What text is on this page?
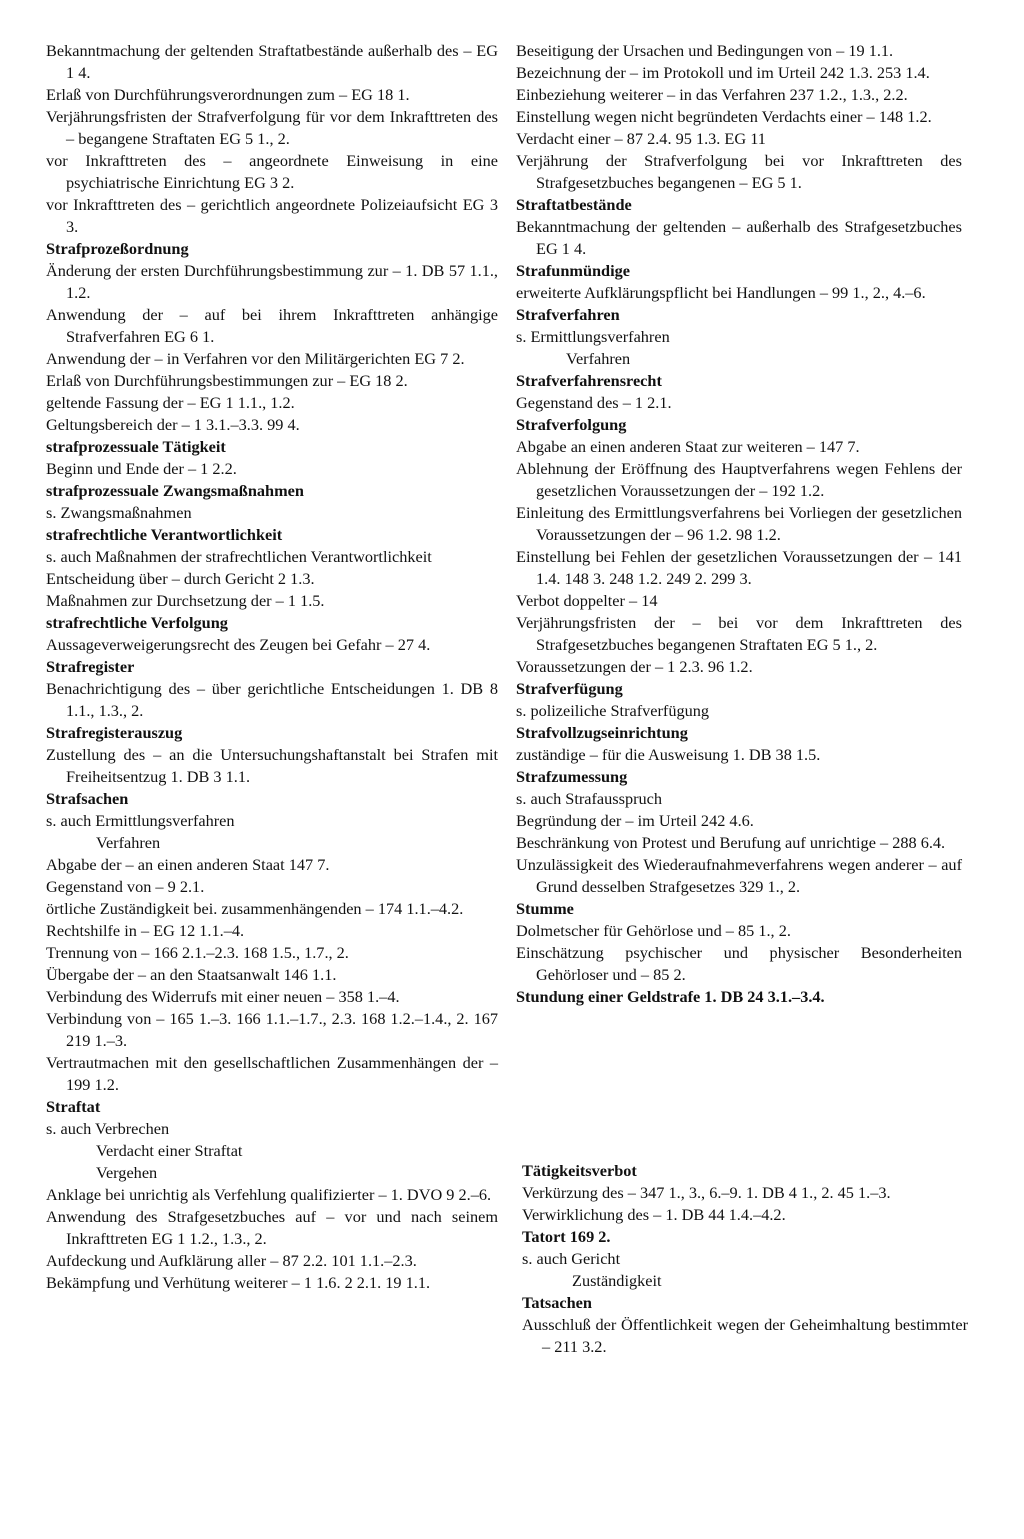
Bekanntmachung der geltenden Straftatbestände außerhalb des – EG 1 4.
Erlaß von Durchführungsverordnungen zum – EG 18 1.
Verjährungsfristen der Strafverfolgung für vor dem Inkrafttreten des – begangene Straftaten EG 5 1., 2.
vor Inkrafttreten des – angeordnete Einweisung in eine psychiatrische Einrichtung EG 3 2.
vor Inkrafttreten des – gerichtlich angeordnete Polizeiaufsicht EG 3 3.
Strafprozeßordnung
Änderung der ersten Durchführungsbestimmung zur – 1. DB 57 1.1., 1.2.
Anwendung der – auf bei ihrem Inkrafttreten anhängige Strafverfahren EG 6 1.
Anwendung der – in Verfahren vor den Militärgerichten EG 7 2.
Erlaß von Durchführungsbestimmungen zur – EG 18 2.
geltende Fassung der – EG 1 1.1., 1.2.
Geltungsbereich der – 1 3.1.–3.3. 99 4.
strafprozessuale Tätigkeit
Beginn und Ende der – 1 2.2.
strafprozessuale Zwangsmaßnahmen
s. Zwangsmaßnahmen
strafrechtliche Verantwortlichkeit
s. auch Maßnahmen der strafrechtlichen Verantwortlichkeit
Entscheidung über – durch Gericht 2 1.3.
Maßnahmen zur Durchsetzung der – 1 1.5.
strafrechtliche Verfolgung
Aussageverweigerungsrecht des Zeugen bei Gefahr – 27 4.
Strafregister
Benachrichtigung des – über gerichtliche Entscheidungen 1. DB 8 1.1., 1.3., 2.
Strafregisterauszug
Zustellung des – an die Untersuchungshaftanstalt bei Strafen mit Freiheitsentzug 1. DB 3 1.1.
Strafsachen
s. auch Ermittlungsverfahren
Verfahren
Abgabe der – an einen anderen Staat 147 7.
Gegenstand von – 9 2.1.
örtliche Zuständigkeit bei. zusammenhängenden – 174 1.1.–4.2.
Rechtshilfe in – EG 12 1.1.–4.
Trennung von – 166 2.1.–2.3. 168 1.5., 1.7., 2.
Übergabe der – an den Staatsanwalt 146 1.1.
Verbindung des Widerrufs mit einer neuen – 358 1.–4.
Verbindung von – 165 1.–3. 166 1.1.–1.7., 2.3. 168 1.2.–1.4., 2. 167 219 1.–3.
Vertrautmachen mit den gesellschaftlichen Zusammenhängen der – 199 1.2.
Straftat
s. auch Verbrechen
Verdacht einer Straftat
Vergehen
Anklage bei unrichtig als Verfehlung qualifizierter – 1. DVO 9 2.–6.
Anwendung des Strafgesetzbuches auf – vor und nach seinem Inkrafttreten EG 1 1.2., 1.3., 2.
Aufdeckung und Aufklärung aller – 87 2.2. 101 1.1.–2.3.
Bekämpfung und Verhütung weiterer – 1 1.6. 2 2.1. 19 1.1.
Beseitigung der Ursachen und Bedingungen von – 19 1.1.
Bezeichnung der – im Protokoll und im Urteil 242 1.3. 253 1.4.
Einbeziehung weiterer – in das Verfahren 237 1.2., 1.3., 2.2.
Einstellung wegen nicht begründeten Verdachts einer – 148 1.2.
Verdacht einer – 87 2.4. 95 1.3. EG 11
Verjährung der Strafverfolgung bei vor Inkrafttreten des Strafgesetzbuches begangenen – EG 5 1.
Straftatbestände
Bekanntmachung der geltenden – außerhalb des Strafgesetzbuches EG 1 4.
Strafunmündige
erweiterte Aufklärungspflicht bei Handlungen – 99 1., 2., 4.–6.
Strafverfahren
s. Ermittlungsverfahren
Verfahren
Strafverfahrensrecht
Gegenstand des – 1 2.1.
Strafverfolgung
Abgabe an einen anderen Staat zur weiteren – 147 7.
Ablehnung der Eröffnung des Hauptverfahrens wegen Fehlens der gesetzlichen Voraussetzungen der – 192 1.2.
Einleitung des Ermittlungsverfahrens bei Vorliegen der gesetzlichen Voraussetzungen der – 96 1.2. 98 1.2.
Einstellung bei Fehlen der gesetzlichen Voraussetzungen der – 141 1.4. 148 3. 248 1.2. 249 2. 299 3.
Verbot doppelter – 14
Verjährungsfristen der – bei vor dem Inkrafttreten des Strafgesetzbuches begangenen Straftaten EG 5 1., 2.
Voraussetzungen der – 1 2.3. 96 1.2.
Strafverfügung
s. polizeiliche Strafverfügung
Strafvollzugseinrichtung
zuständige – für die Ausweisung 1. DB 38 1.5.
Strafzumessung
s. auch Strafausspruch
Begründung der – im Urteil 242 4.6.
Beschränkung von Protest und Berufung auf unrichtige – 288 6.4.
Unzulässigkeit des Wiederaufnahmeverfahrens wegen anderer – auf Grund desselben Strafgesetzes 329 1., 2.
Stumme
Dolmetscher für Gehörlose und – 85 1., 2.
Einschätzung psychischer und physischer Besonderheiten Gehörloser und – 85 2.
Stundung einer Geldstrafe 1. DB 24 3.1.–3.4.
Tätigkeitsverbot
Verkürzung des – 347 1., 3., 6.–9. 1. DB 4 1., 2. 45 1.–3.
Verwirklichung des – 1. DB 44 1.4.–4.2.
Tatort 169 2.
s. auch Gericht
Zuständigkeit
Tatsachen
Ausschluß der Öffentlichkeit wegen der Geheimhaltung bestimmter – 211 3.2.
